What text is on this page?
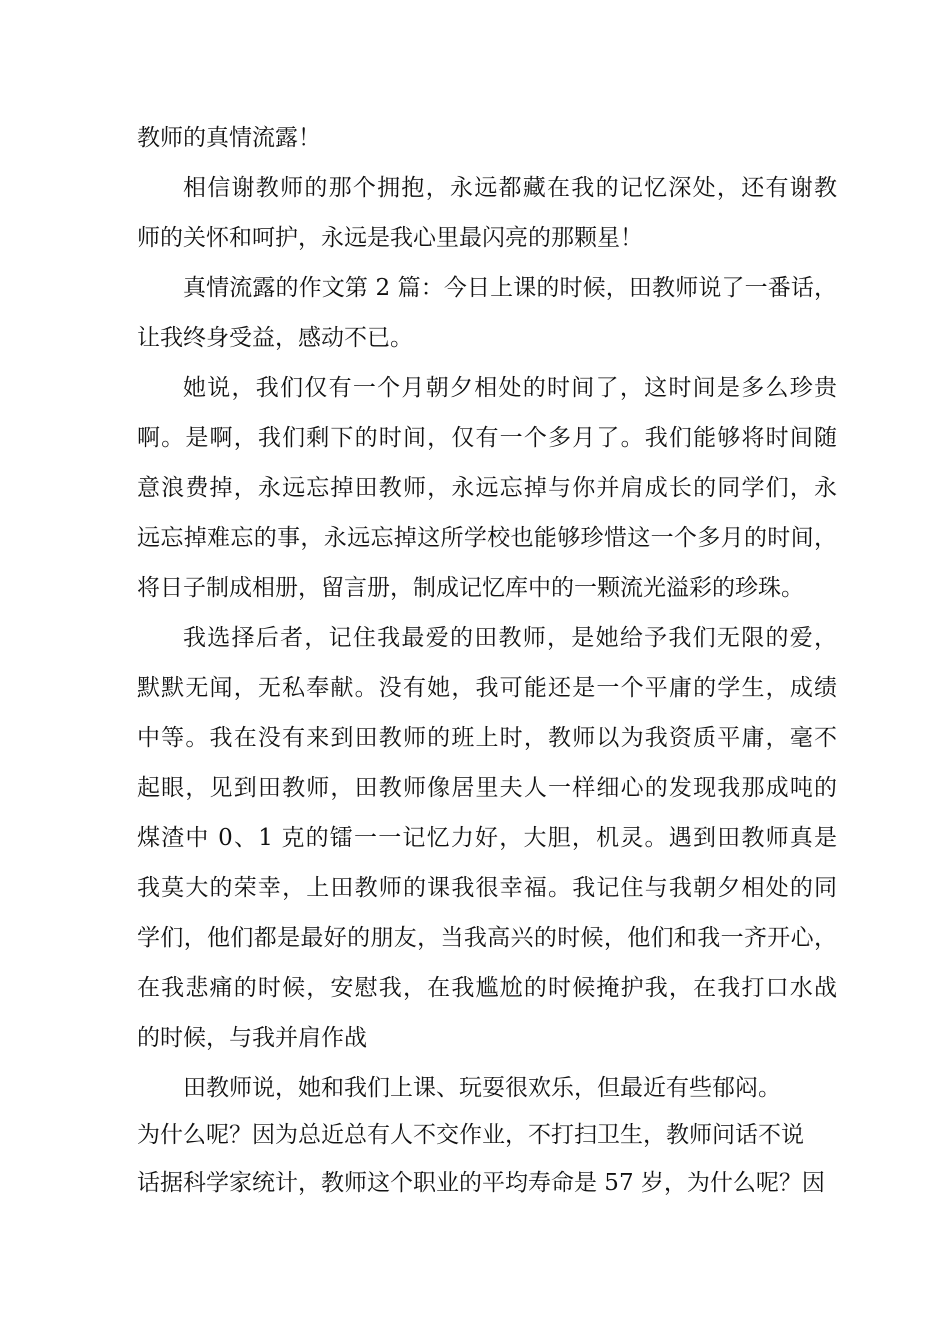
教师的真情流露！
相信谢教师的那个拥抱，永远都藏在我的记忆深处，还有谢教
师的关怀和呵护，永远是我心里最闪亮的那颗星！
真情流露的作文第 2 篇：今日上课的时候，田教师说了一番话，
让我终身受益，感动不已。
她说，我们仅有一个月朝夕相处的时间了，这时间是多么珍贵
啊。是啊，我们剩下的时间，仅有一个多月了。我们能够将时间随
意浪费掉，永远忘掉田教师，永远忘掉与你并肩成长的同学们，永
远忘掉难忘的事，永远忘掉这所学校也能够珍惜这一个多月的时间，
将日子制成相册，留言册，制成记忆库中的一颗流光溢彩的珍珠。
我选择后者，记住我最爱的田教师，是她给予我们无限的爱，
默默无闻，无私奉献。没有她，我可能还是一个平庸的学生，成绩
中等。我在没有来到田教师的班上时，教师以为我资质平庸，毫不
起眼，见到田教师，田教师像居里夫人一样细心的发现我那成吨的
煤渣中 0、1 克的镭一一记忆力好，大胆，机灵。遇到田教师真是
我莫大的荣幸，上田教师的课我很幸福。我记住与我朝夕相处的同
学们，他们都是最好的朋友，当我高兴的时候，他们和我一齐开心，
在我悲痛的时候，安慰我，在我尴尬的时候掩护我，在我打口水战
的时候，与我并肩作战
田教师说，她和我们上课、玩耍很欢乐，但最近有些郁闷。
为什么呢？因为总近总有人不交作业，不打扫卫生，教师问话不说
话据科学家统计，教师这个职业的平均寿命是 57 岁，为什么呢？因
